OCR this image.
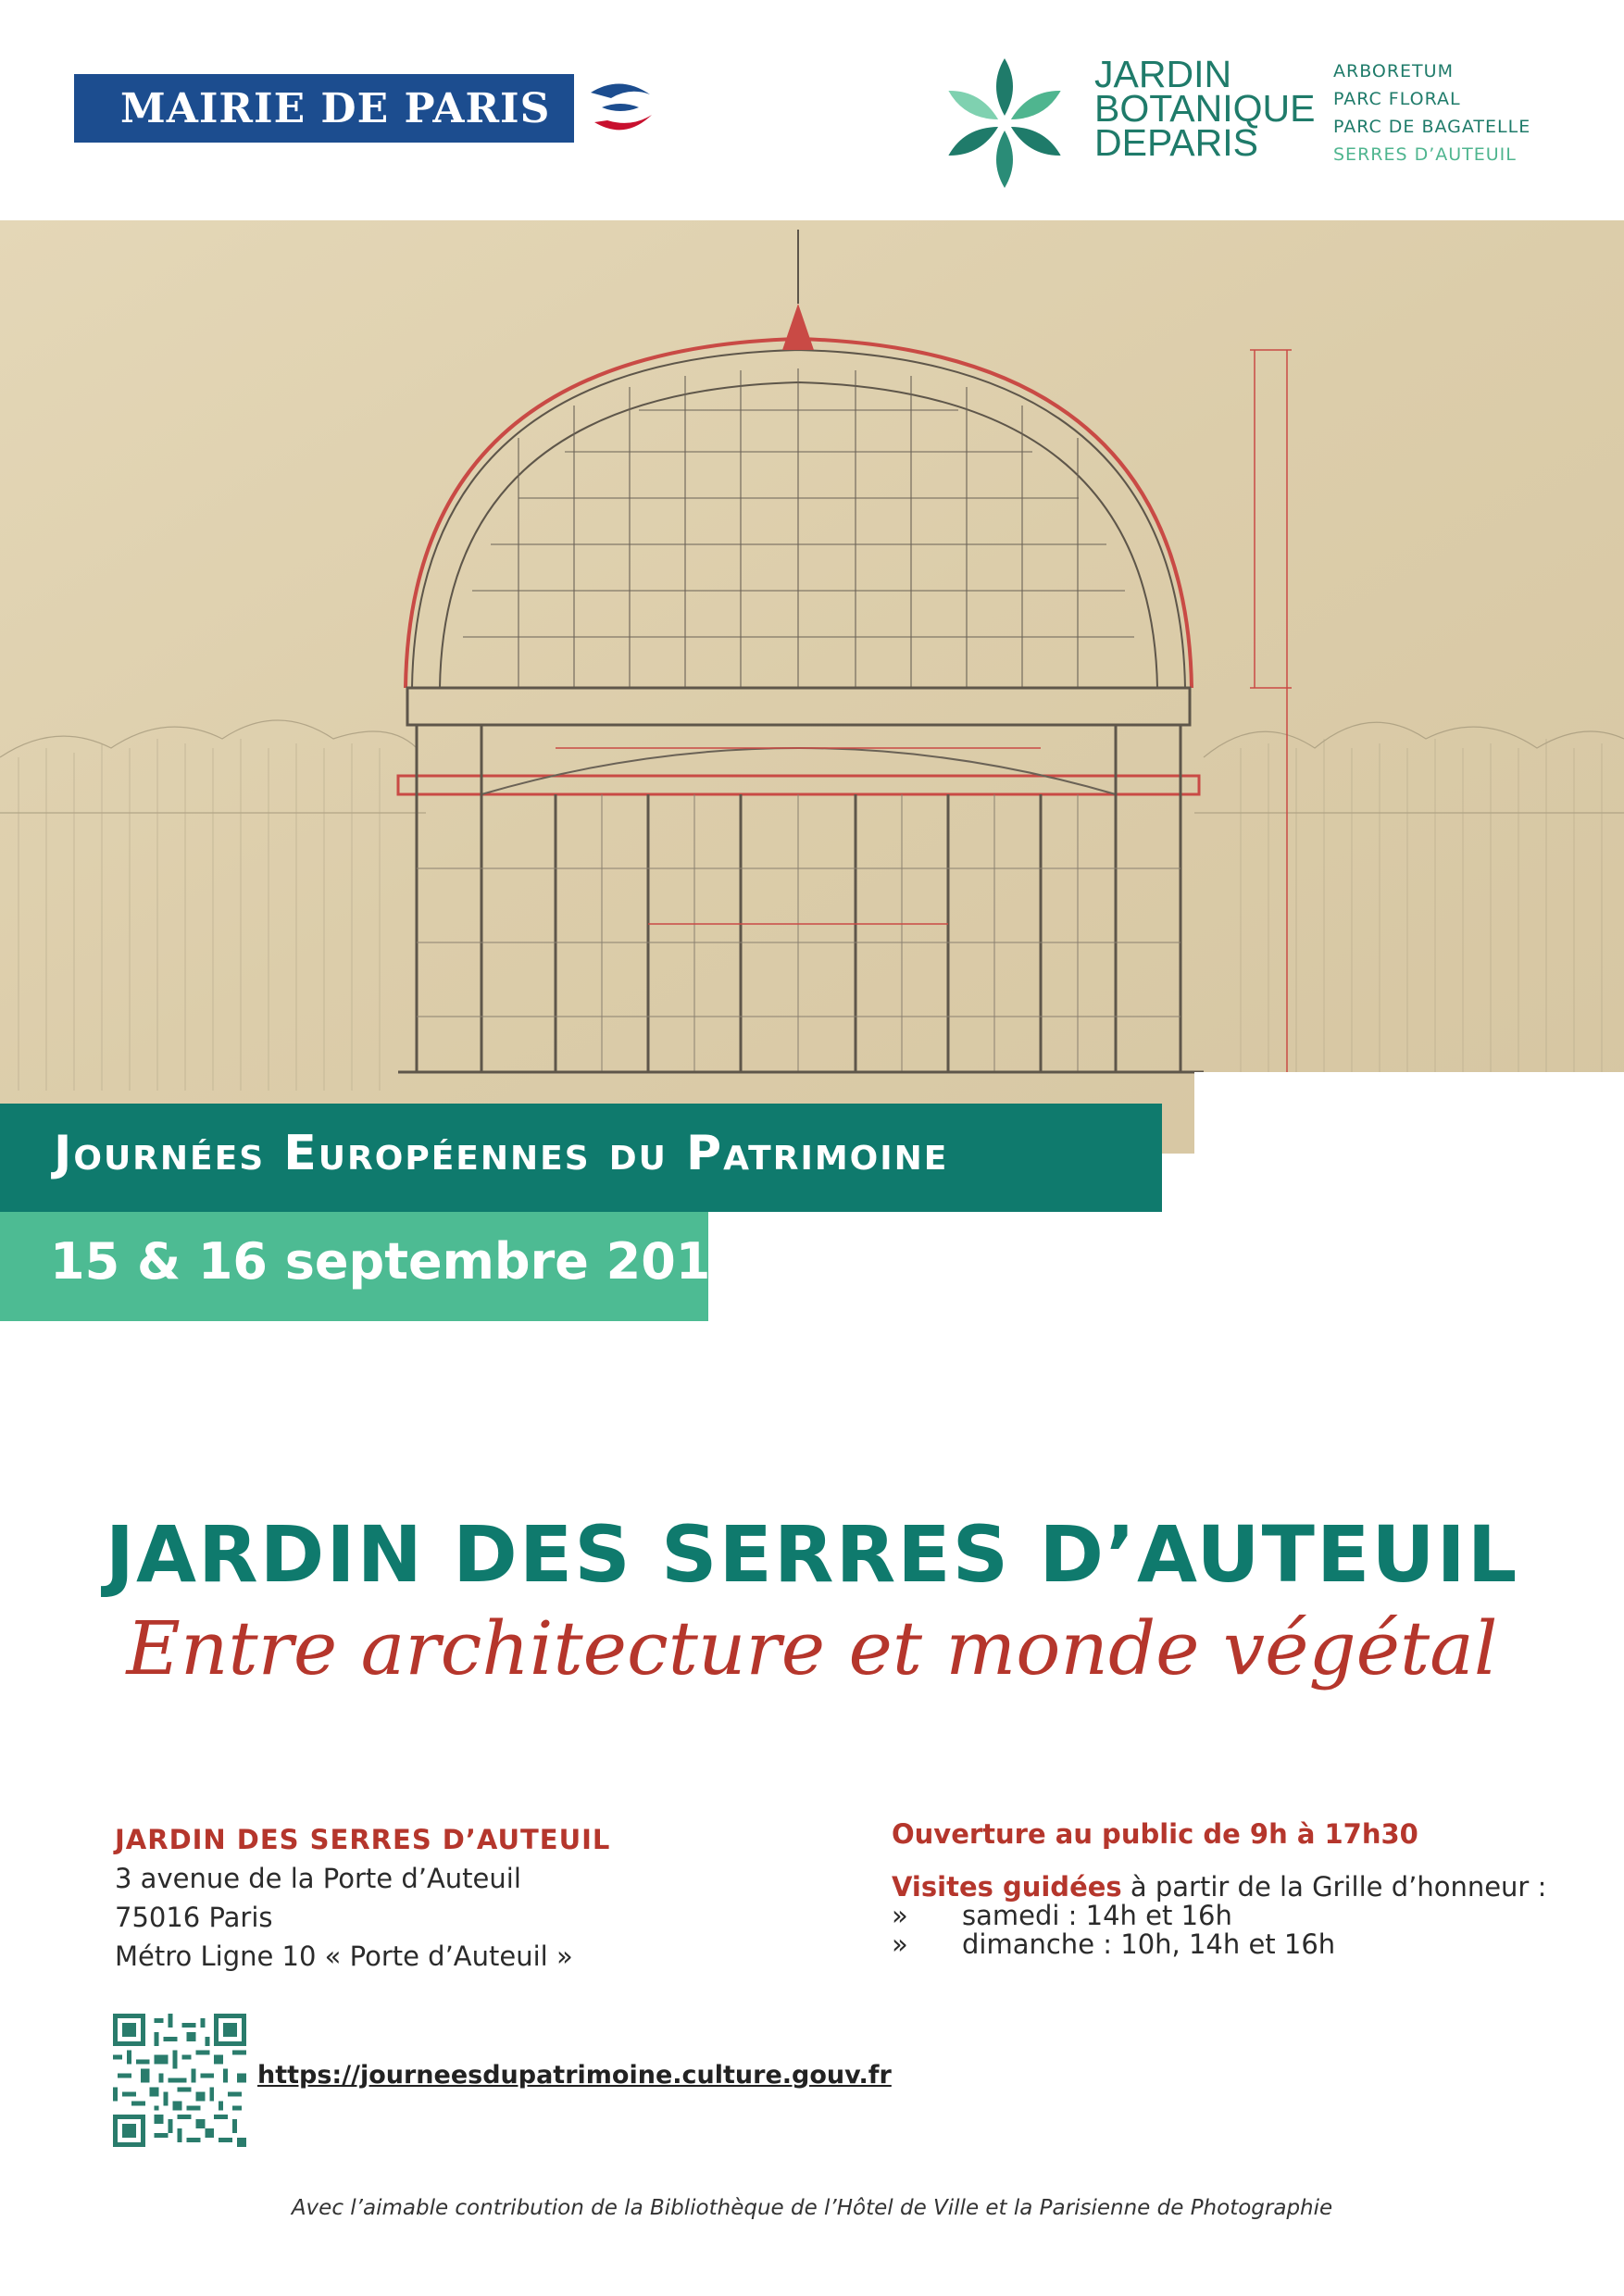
MAIRIE DE PARIS
JARDIN
BOTANIQUE
DEPARIS
ARBORETUM
PARC FLORAL
PARC DE BAGATELLE
SERRES D’AUTEUIL
Journées Européennes du Patrimoine
15 & 16 septembre 2018
JARDIN DES SERRES D’AUTEUIL
Entre architecture et monde végétal
JARDIN DES SERRES D’AUTEUIL
3 avenue de la Porte d’Auteuil
75016 Paris
Métro Ligne 10 « Porte d’Auteuil »
Ouverture au public de 9h à 17h30
Visites guidées à partir de la Grille d’honneur :
»	samedi : 14h et 16h
»	dimanche : 10h, 14h et 16h
https://journeesdupatrimoine.culture.gouv.fr
Avec l’aimable contribution de la Bibliothèque de l’Hôtel de Ville et la Parisienne de Photographie
